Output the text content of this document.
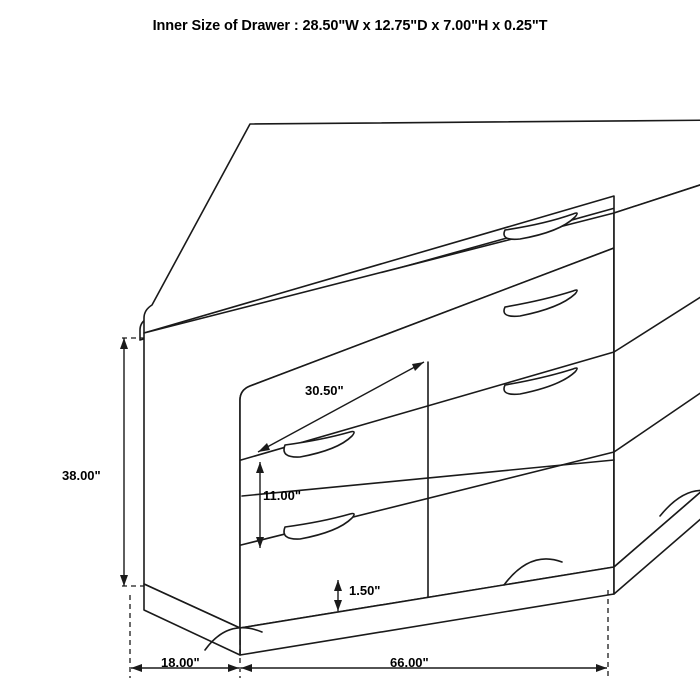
Inner Size of Drawer : 28.50"W x 12.75"D x 7.00"H x 0.25"T
38.00"
11.00"
30.50"
1.50"
18.00"	66.00"
